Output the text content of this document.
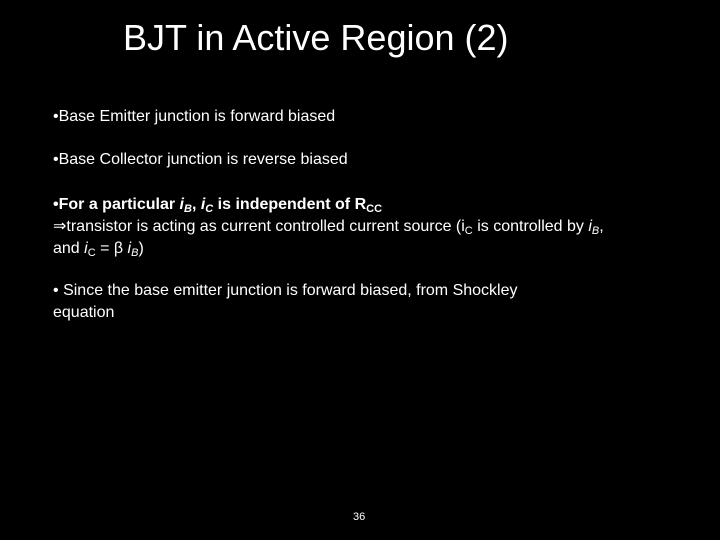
BJT in Active Region (2)
•Base Emitter junction is forward biased
•Base Collector junction is reverse biased
•For a particular $i_B$, $i_C$ is independent of $R_{CC}$
⇒transistor is acting as current controlled current source ($i_C$ is controlled by $i_B$,
and $i_C = \beta$ $i_B$)
• Since the base emitter junction is forward biased, from Shockley
equation
36
